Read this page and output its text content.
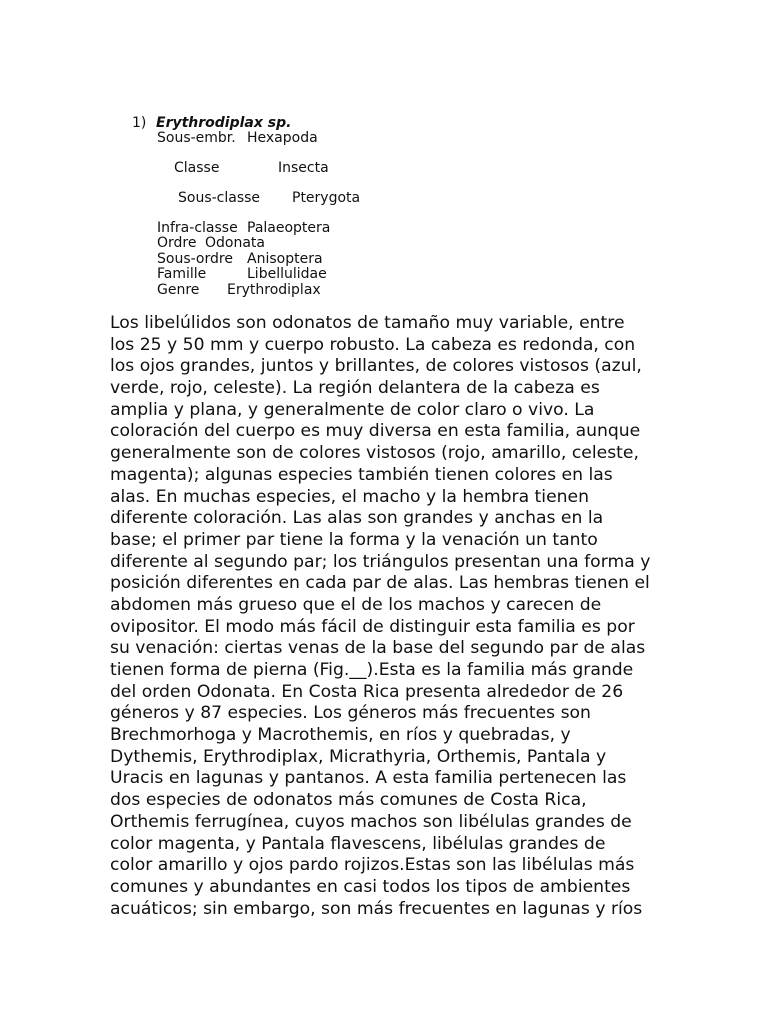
1) Erythrodiplax sp.
Sous-embr. Hexapoda
Classe	Insecta
Sous-classe Pterygota
Infra-classe Palaeoptera
Ordre Odonata
Sous-ordre Anisoptera
Famille	Libellulidae
Genre Erythrodiplax
Los libelúlidos son odonatos de tamaño muy variable, entre
los 25 y 50 mm y cuerpo robusto. La cabeza es redonda, con
los ojos grandes, juntos y brillantes, de colores vistosos (azul,
verde, rojo, celeste). La región delantera de la cabeza es
amplia y plana, y generalmente de color claro o vivo. La
coloración del cuerpo es muy diversa en esta familia, aunque
generalmente son de colores vistosos (rojo, amarillo, celeste,
magenta); algunas especies también tienen colores en las
alas. En muchas especies, el macho y la hembra tienen
diferente coloración. Las alas son grandes y anchas en la
base; el primer par tiene la forma y la venación un tanto
diferente al segundo par; los triángulos presentan una forma y
posición diferentes en cada par de alas. Las hembras tienen el
abdomen más grueso que el de los machos y carecen de
ovipositor. El modo más fácil de distinguir esta familia es por
su venación: ciertas venas de la base del segundo par de alas
tienen forma de pierna (Fig.__).Esta es la familia más grande
del orden Odonata. En Costa Rica presenta alrededor de 26
géneros y 87 especies. Los géneros más frecuentes son
Brechmorhoga y Macrothemis, en ríos y quebradas, y
Dythemis, Erythrodiplax, Micrathyria, Orthemis, Pantala y
Uracis en lagunas y pantanos. A esta familia pertenecen las
dos especies de odonatos más comunes de Costa Rica,
Orthemis ferrugínea, cuyos machos son libélulas grandes de
color magenta, y Pantala flavescens, libélulas grandes de
color amarillo y ojos pardo rojizos.Estas son las libélulas más
comunes y abundantes en casi todos los tipos de ambientes
acuáticos; sin embargo, son más frecuentes en lagunas y ríos
